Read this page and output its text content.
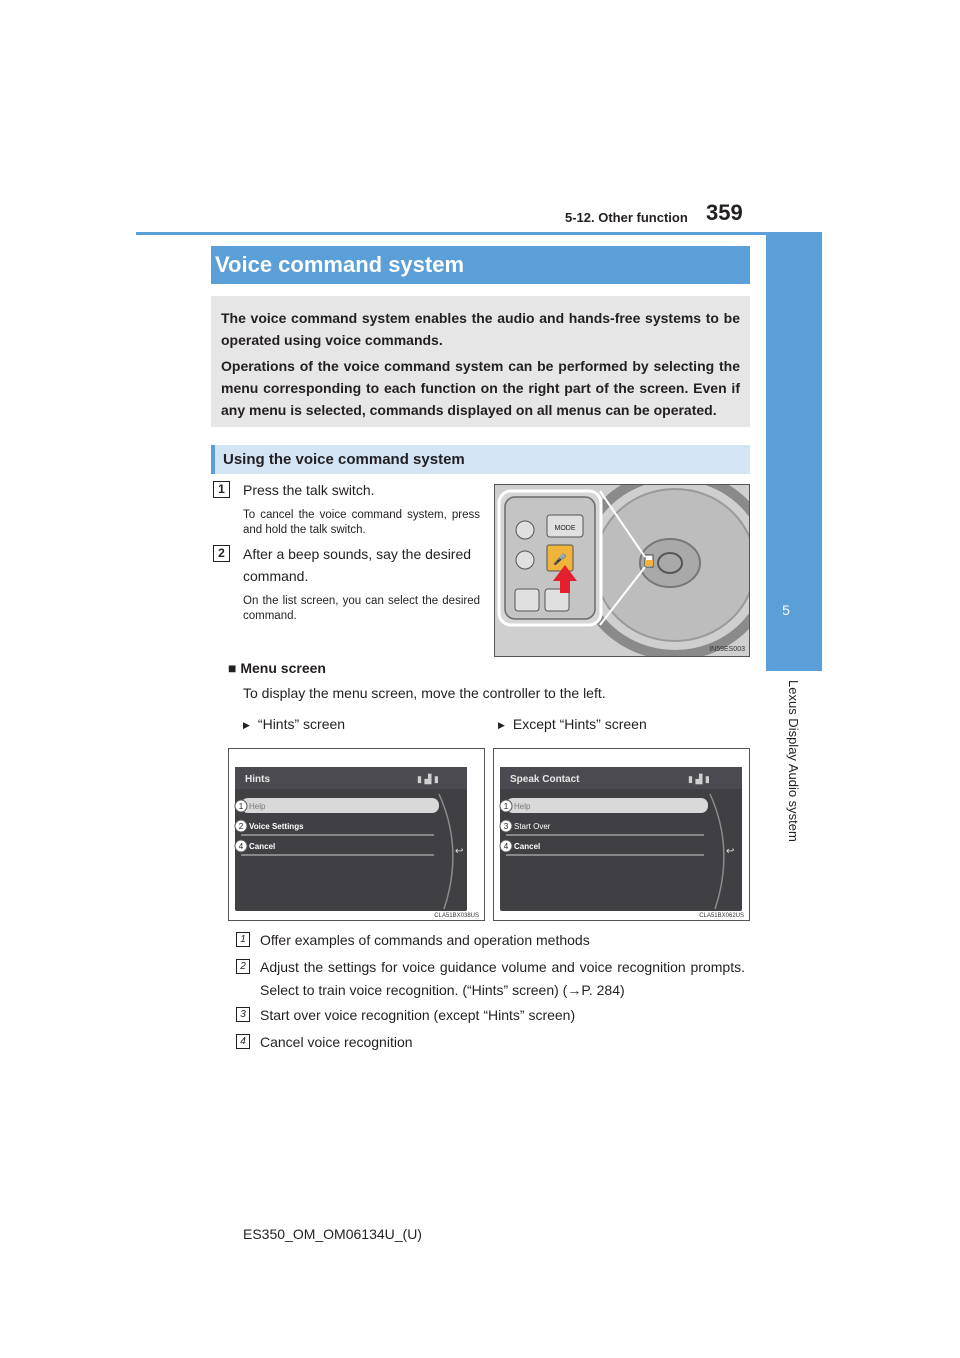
5-12. Other function 359
5
Lexus Display Audio system
Voice command system

The voice command system enables the audio and hands-free systems to be operated using voice commands.

Operations of the voice command system can be performed by selecting the menu corresponding to each function on the right part of the screen. Even if any menu is selected, commands displayed on all menus can be operated.

Using the voice command system
1	Press the talk switch.
To cancel the voice command system, press and hold the talk switch.
2	After a beep sounds, say the desired command.
On the list screen, you can select the desired command.
MODE
🎤
IN59ES003
■ Menu screen
To display the menu screen, move the controller to the left.
▶ “Hints” screen	▶ Except “Hints” screen
Hints	▮ ▟ ▮
1 Help
2 Voice Settings
4 Cancel	↩
CLA51BX038US
Speak Contact	▮ ▟ ▮
1 Help
3 Start Over
4 Cancel	↩
CLA51BX062US
1	Offer examples of commands and operation methods
2	Adjust the settings for voice guidance volume and voice recognition prompts. Select to train voice recognition. (“Hints” screen) (→P. 284)
3	Start over voice recognition (except “Hints” screen)
4	Cancel voice recognition
ES350_OM_OM06134U_(U)
